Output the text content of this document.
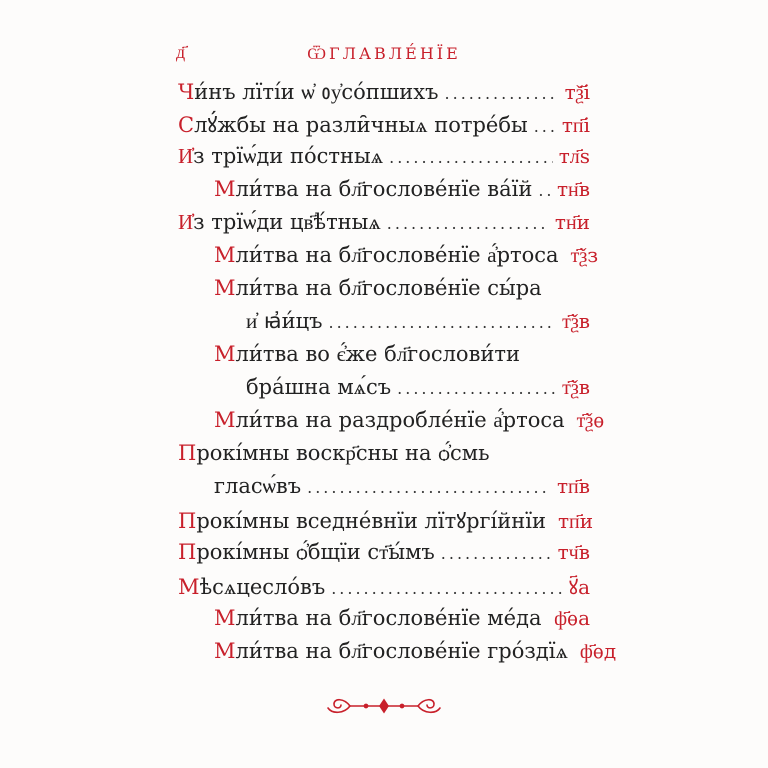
д҃	ѾГЛАВЛЕ́НЇЕ
Чи́нъ лїті́и ѡ҆ ᲂу҆со́пшихъ .....	тѯ҃і
Слꙋ́жбы на разли̑чныѧ потре́бы ..... тп҃і
И҆з трїѡ́ди по́стныѧ .....	тл҃ѕ
Мли́тва на бл҃гослове́нїе ва́їй ..... тн҃в
И҆з трїѡ́ди цв҃ѣ́тныѧ .....	тн҃и
Мли́тва на бл҃гослове́нїе а҆́ртоса т҃ѯз
Мли́тва на бл҃гослове́нїе сы́ра
и҆ ꙗ҆и́цъ .....	т҃ѯв
Мли́тва во є҆́же бл҃гослови́ти
бра́шна мѧ́съ .....	т҃ѯв
Мли́тва на раздробле́нїе а҆́ртоса т҃ѯѳ
Прокі́мны воскр҃сны на ѻ҆́смь
гласѡ́въ .....	тп҃в
Прокі́мны вседне́внїи лїтꙋргі́йнїи тп҃и
Прокі́мны ѻ҆́бщїи ст҃ы́мъ .....	тч҃в
Мѣсѧцесло́въ .....	ꙋ҃а
Мли́тва на бл҃гослове́нїе ме́да ..... ф҃ѳа
Мли́тва на бл҃гослове́нїе гро́здїѧ ф҃ѳд
